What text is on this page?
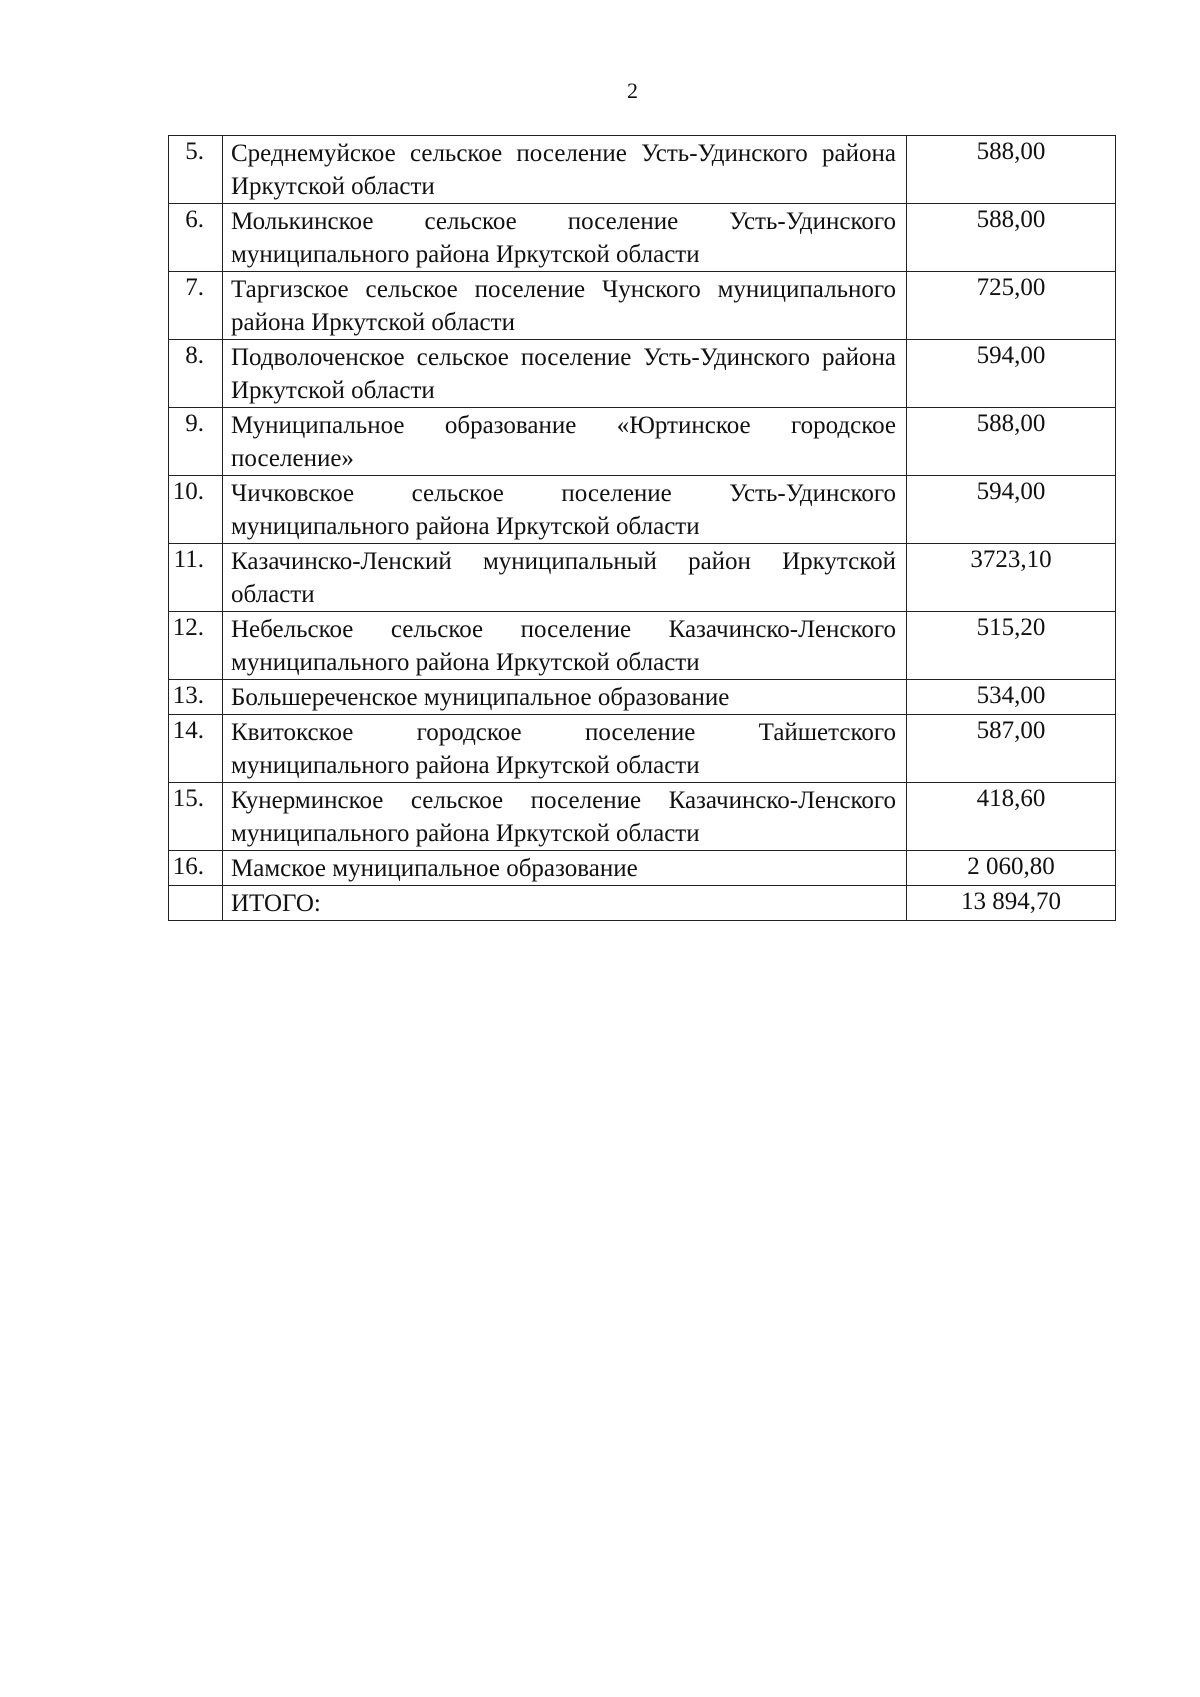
2
5.	Среднемуйское сельское поселение Усть-Удинского района Иркутской области	588,00
6.	Молькинское сельское поселение Усть-Удинского муниципального района Иркутской области	588,00
7.	Таргизское сельское поселение Чунского муниципального района Иркутской области	725,00
8.	Подволоченское сельское поселение Усть-Удинского района Иркутской области	594,00
9.	Муниципальное образование «Юртинское городское поселение»	588,00
10.	Чичковское сельское поселение Усть-Удинского муниципального района Иркутской области	594,00
11.	Казачинско-Ленский муниципальный район Иркутской области	3723,10
12.	Небельское сельское поселение Казачинско-Ленского муниципального района Иркутской области	515,20
13.	Большереченское муниципальное образование	534,00
14.	Квитокское городское поселение Тайшетского муниципального района Иркутской области	587,00
15.	Кунерминское сельское поселение Казачинско-Ленского муниципального района Иркутской области	418,60
16.	Мамское муниципальное образование	2 060,80
	ИТОГО:	13 894,70
